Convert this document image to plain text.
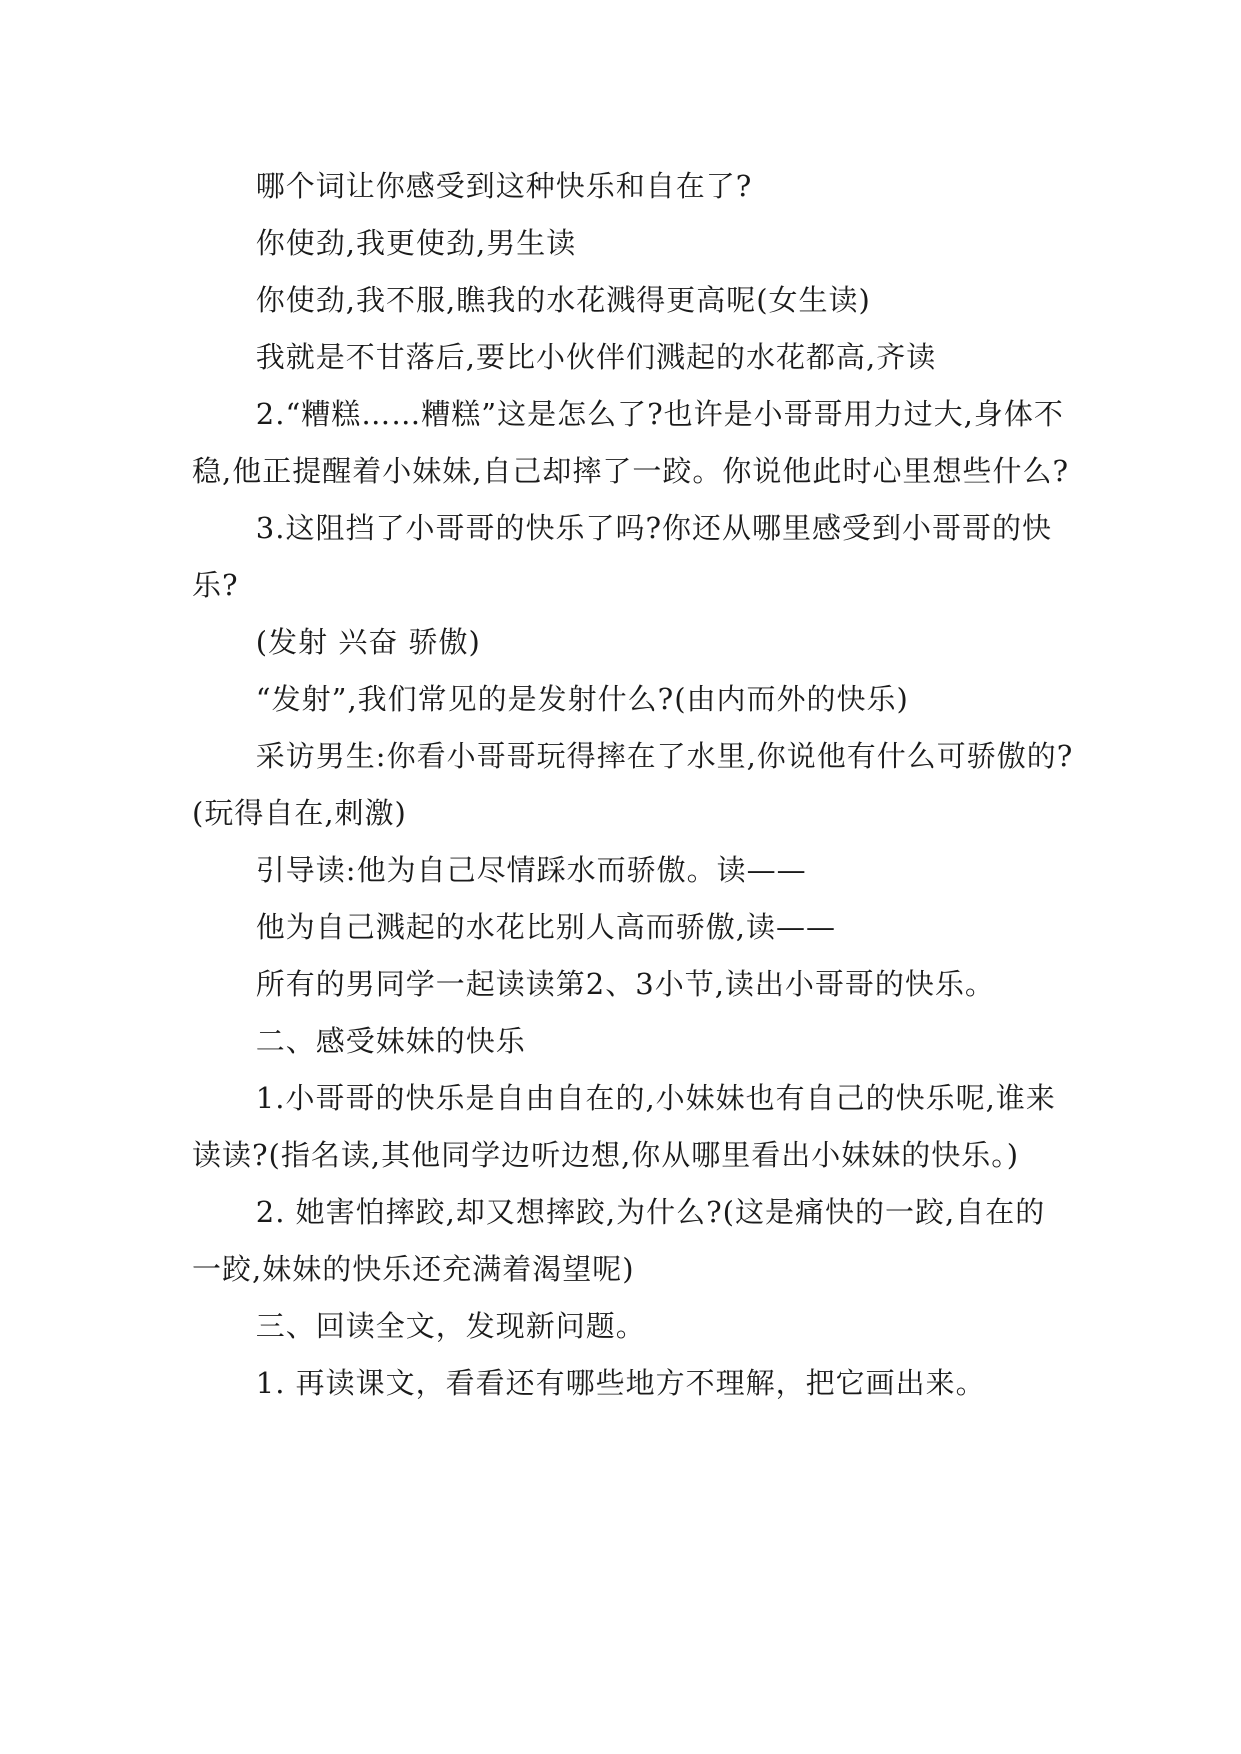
哪个词让你感受到这种快乐和自在了?

你使劲,我更使劲,男生读

你使劲,我不服,瞧我的水花溅得更高呢(女生读)

我就是不甘落后,要比小伙伴们溅起的水花都高,齐读

2.“糟糕……糟糕”这是怎么了?也许是小哥哥用力过大,身体不稳,他正提醒着小妹妹,自己却摔了一跤。你说他此时心里想些什么?

3.这阻挡了小哥哥的快乐了吗?你还从哪里感受到小哥哥的快乐?

(发射 兴奋 骄傲)

“发射”,我们常见的是发射什么?(由内而外的快乐)

采访男生:你看小哥哥玩得摔在了水里,你说他有什么可骄傲的?(玩得自在,刺激)

引导读:他为自己尽情踩水而骄傲。读——

他为自己溅起的水花比别人高而骄傲,读——

所有的男同学一起读读第2、3小节,读出小哥哥的快乐。

二、感受妹妹的快乐

1.小哥哥的快乐是自由自在的,小妹妹也有自己的快乐呢,谁来读读?(指名读,其他同学边听边想,你从哪里看出小妹妹的快乐。)

2. 她害怕摔跤,却又想摔跤,为什么?(这是痛快的一跤,自在的一跤,妹妹的快乐还充满着渴望呢)

三、回读全文，发现新问题。

1. 再读课文，看看还有哪些地方不理解，把它画出来。
